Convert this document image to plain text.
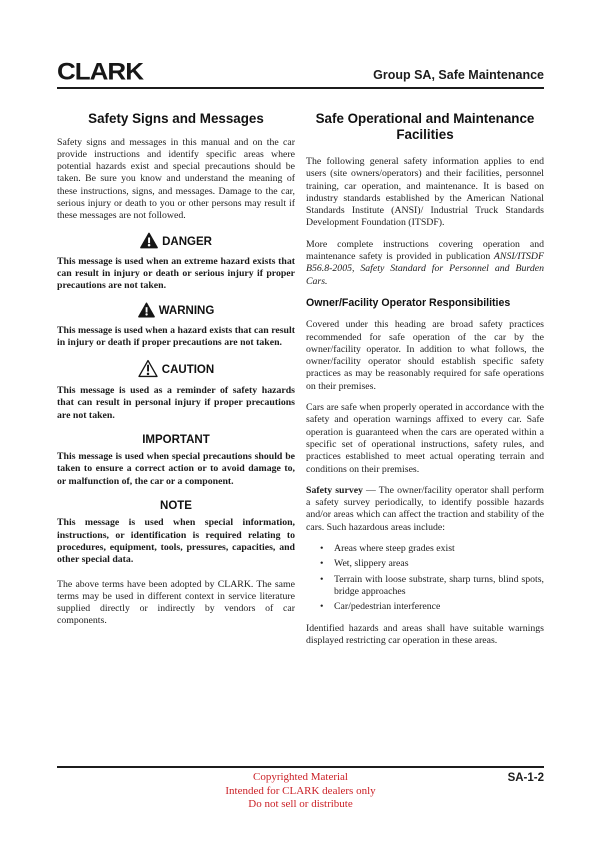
CLARK	Group SA, Safe Maintenance
Safety Signs and Messages

Safety signs and messages in this manual and on the car provide instructions and identify specific areas where potential hazards exist and special precautions should be taken. Be sure you know and understand the meaning of these instructions, signs, and messages. Damage to the car, serious injury or death to you or other persons may result if these messages are not followed.

DANGER

This message is used when an extreme hazard exists that can result in injury or death or serious injury if proper precautions are not taken.

WARNING

This message is used when a hazard exists that can result in injury or death if proper precautions are not taken.

CAUTION

This message is used as a reminder of safety hazards that can result in personal injury if proper precautions are not taken.

IMPORTANT

This message is used when special precautions should be taken to ensure a correct action or to avoid damage to, or malfunction of, the car or a component.

NOTE

This message is used when special information, instructions, or identification is required relating to procedures, equipment, tools, pressures, capacities, and other special data.

The above terms have been adopted by CLARK. The same terms may be used in different context in service literature supplied directly or indirectly by vendors of car components.

Safe Operational and Maintenance Facilities

The following general safety information applies to end users (site owners/operators) and their facilities, personnel training, car operation, and maintenance. It is based on industry standards established by the American National Standards Institute (ANSI)/ Industrial Truck Standards Development Foundation (ITSDF).

More complete instructions covering operation and maintenance safety is provided in publication ANSI/ITSDF B56.8-2005, Safety Standard for Personnel and Burden Cars.

Owner/Facility Operator Responsibilities

Covered under this heading are broad safety practices recommended for safe operation of the car by the owner/facility operator. In addition to what follows, the owner/facility operator should establish specific safety practices as may be reasonably required for safe operations on their premises.

Cars are safe when properly operated in accordance with the safety and operation warnings affixed to every car. Safe operation is guaranteed when the cars are operated within a specific set of operational instructions, safety rules, and practices established to meet actual operating terrain and conditions on their premises.

Safety survey — The owner/facility operator shall perform a safety survey periodically, to identify possible hazards and/or areas which can affect the traction and stability of the cars. Such hazardous areas include:

•	Areas where steep grades exist
•	Wet, slippery areas
•	Terrain with loose substrate, sharp turns, blind spots, bridge approaches
•	Car/pedestrian interference

Identified hazards and areas shall have suitable warnings displayed restricting car operation in these areas.

Copyrighted Material
Intended for CLARK dealers only
Do not sell or distribute
SA-1-2
